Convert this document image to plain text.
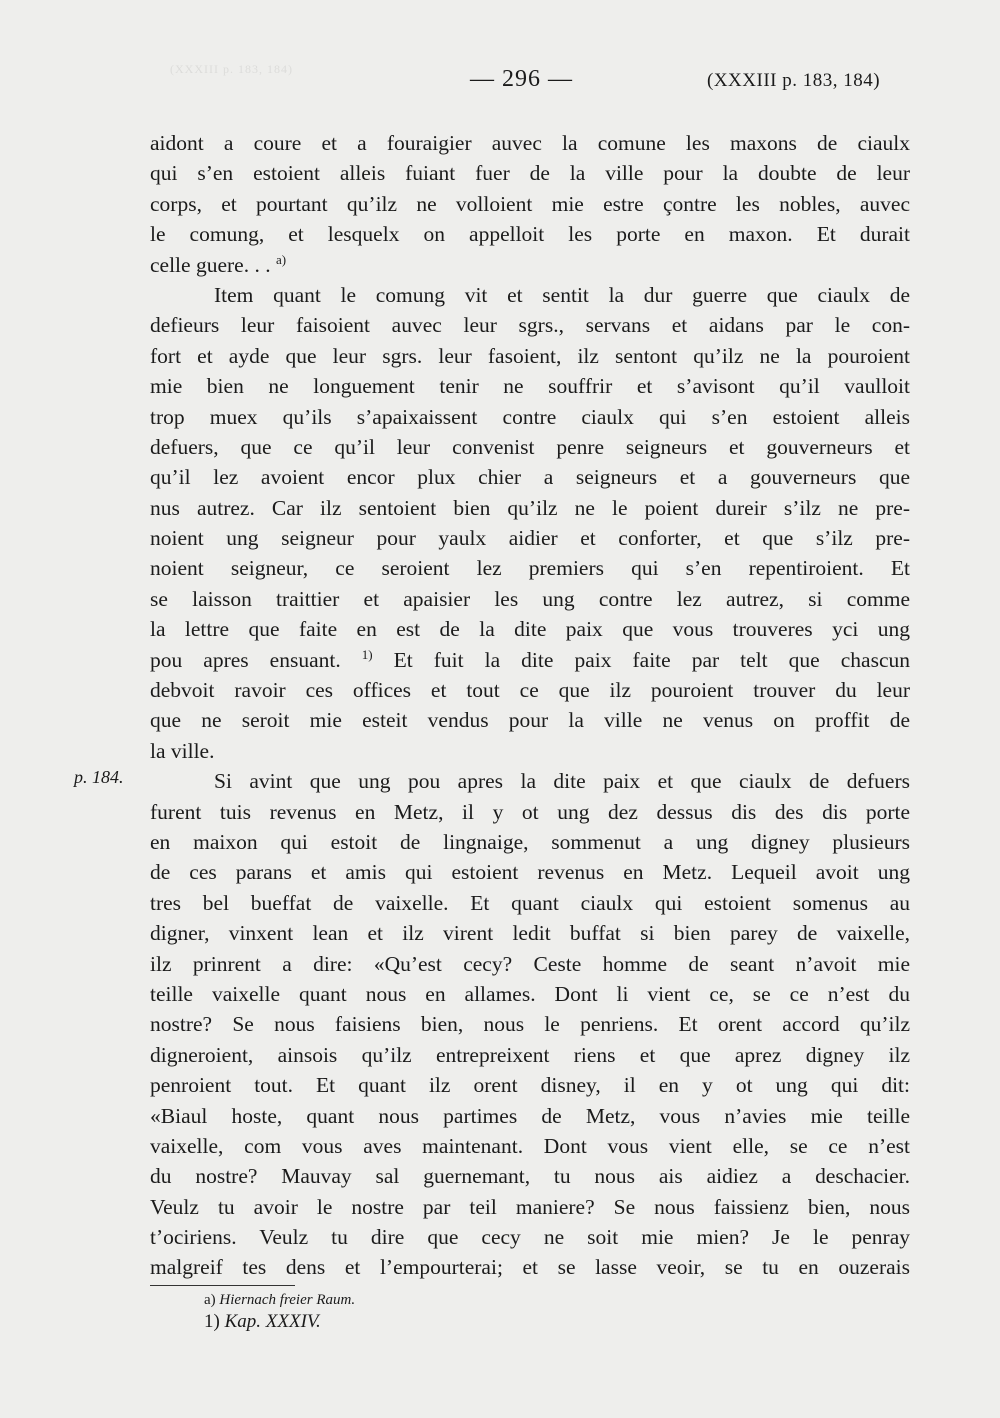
(XXXIII p. 183, 184)	— 296 —	(XXXIII p. 183, 184)
p. 184.
aidont a coure et a fouraigier auvec la comune les maxons de ciaulx
qui s’en estoient alleis fuiant fuer de la ville pour la doubte de leur
corps, et pourtant qu’ilz ne volloient mie estre çontre les nobles, auvec
le comung, et lesquelx on appelloit les porte en maxon. Et durait
celle guere. . . $^{a)}$
Item quant le comung vit et sentit la dur guerre que ciaulx de
defieurs leur faisoient auvec leur sgrs., servans et aidans par le con-
fort et ayde que leur sgrs. leur fasoient, ilz sentont qu’ilz ne la pouroient
mie bien ne longuement tenir ne souffrir et s’avisont qu’il vaulloit
trop muex qu’ils s’apaixaissent contre ciaulx qui s’en estoient alleis
defuers, que ce qu’il leur convenist penre seigneurs et gouverneurs et
qu’il lez avoient encor plux chier a seigneurs et a gouverneurs que
nus autrez. Car ilz sentoient bien qu’ilz ne le poient dureir s’ilz ne pre-
noient ung seigneur pour yaulx aidier et conforter, et que s’ilz pre-
noient seigneur, ce seroient lez premiers qui s’en repentiroient. Et
se laisson traittier et apaisier les ung contre lez autrez, si comme
la lettre que faite en est de la dite paix que vous trouveres yci ung
pou apres ensuant. $^{1)}$ Et fuit la dite paix faite par telt que chascun
debvoit ravoir ces offices et tout ce que ilz pouroient trouver du leur
que ne seroit mie esteit vendus pour la ville ne venus on proffit de
la ville.
Si avint que ung pou apres la dite paix et que ciaulx de defuers
furent tuis revenus en Metz, il y ot ung dez dessus dis des dis porte
en maixon qui estoit de lingnaige, sommenut a ung digney plusieurs
de ces parans et amis qui estoient revenus en Metz. Lequeil avoit ung
tres bel bueffat de vaixelle. Et quant ciaulx qui estoient somenus au
digner, vinxent lean et ilz virent ledit buffat si bien parey de vaixelle,
ilz prinrent a dire: «Qu’est cecy? Ceste homme de seant n’avoit mie
teille vaixelle quant nous en allames. Dont li vient ce, se ce n’est du
nostre? Se nous faisiens bien, nous le penriens. Et orent accord qu’ilz
digneroient, ainsois qu’ilz entrepreixent riens et que aprez digney ilz
penroient tout. Et quant ilz orent disney, il en y ot ung qui dit:
«Biaul hoste, quant nous partimes de Metz, vous n’avies mie teille
vaixelle, com vous aves maintenant. Dont vous vient elle, se ce n’est
du nostre? Mauvay sal guernemant, tu nous ais aidiez a deschacier.
Veulz tu avoir le nostre par teil maniere? Se nous faissienz bien, nous
t’ociriens. Veulz tu dire que cecy ne soit mie mien? Je le penray
malgreif tes dens et l’empourterai; et se lasse veoir, se tu en ouzerais
a) Hiernach freier Raum.
1) Kap. XXXIV.
